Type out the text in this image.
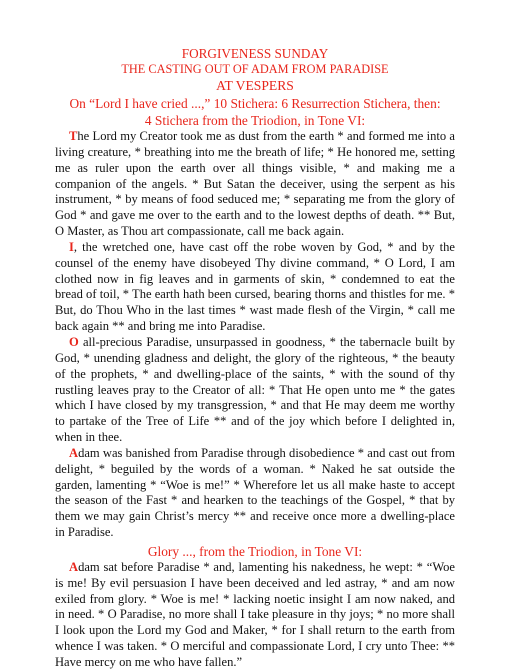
FORGIVENESS SUNDAY
THE CASTING OUT OF ADAM FROM PARADISE
AT VESPERS
On “Lord I have cried ...,” 10 Stichera: 6 Resurrection Stichera, then:
4 Stichera from the Triodion, in Tone VI:

The Lord my Creator took me as dust from the earth * and formed me into a living creature, * breathing into me the breath of life; * He honored me, setting me as ruler upon the earth over all things visible, * and making me a companion of the angels. * But Satan the deceiver, using the serpent as his instrument, * by means of food seduced me; * separating me from the glory of God * and gave me over to the earth and to the lowest depths of death. ** But, O Master, as Thou art compassionate, call me back again.

I, the wretched one, have cast off the robe woven by God, * and by the counsel of the enemy have disobeyed Thy divine command, * O Lord, I am clothed now in fig leaves and in garments of skin, * condemned to eat the bread of toil, * The earth hath been cursed, bearing thorns and thistles for me. * But, do Thou Who in the last times * wast made flesh of the Virgin, * call me back again ** and bring me into Paradise.

O all-precious Paradise, unsurpassed in goodness, * the tabernacle built by God, * unending gladness and delight, the glory of the righteous, * the beauty of the prophets, * and dwelling-place of the saints, * with the sound of thy rustling leaves pray to the Creator of all: * That He open unto me * the gates which I have closed by my transgression, * and that He may deem me worthy to partake of the Tree of Life ** and of the joy which before I delighted in, when in thee.

Adam was banished from Paradise through disobedience * and cast out from delight, * beguiled by the words of a woman. * Naked he sat outside the garden, lamenting * “Woe is me!” * Wherefore let us all make haste to accept the season of the Fast * and hearken to the teachings of the Gospel, * that by them we may gain Christ’s mercy ** and receive once more a dwelling-place in Paradise.

Glory ..., from the Triodion, in Tone VI:

Adam sat before Paradise * and, lamenting his nakedness, he wept: * “Woe is me! By evil persuasion I have been deceived and led astray, * and am now exiled from glory. * Woe is me! * lacking noetic insight I am now naked, and in need. * O Paradise, no more shall I take pleasure in thy joys; * no more shall I look upon the Lord my God and Maker, * for I shall return to the earth from whence I was taken. * O merciful and compassionate Lord, I cry unto Thee: ** Have mercy on me who have fallen.”
